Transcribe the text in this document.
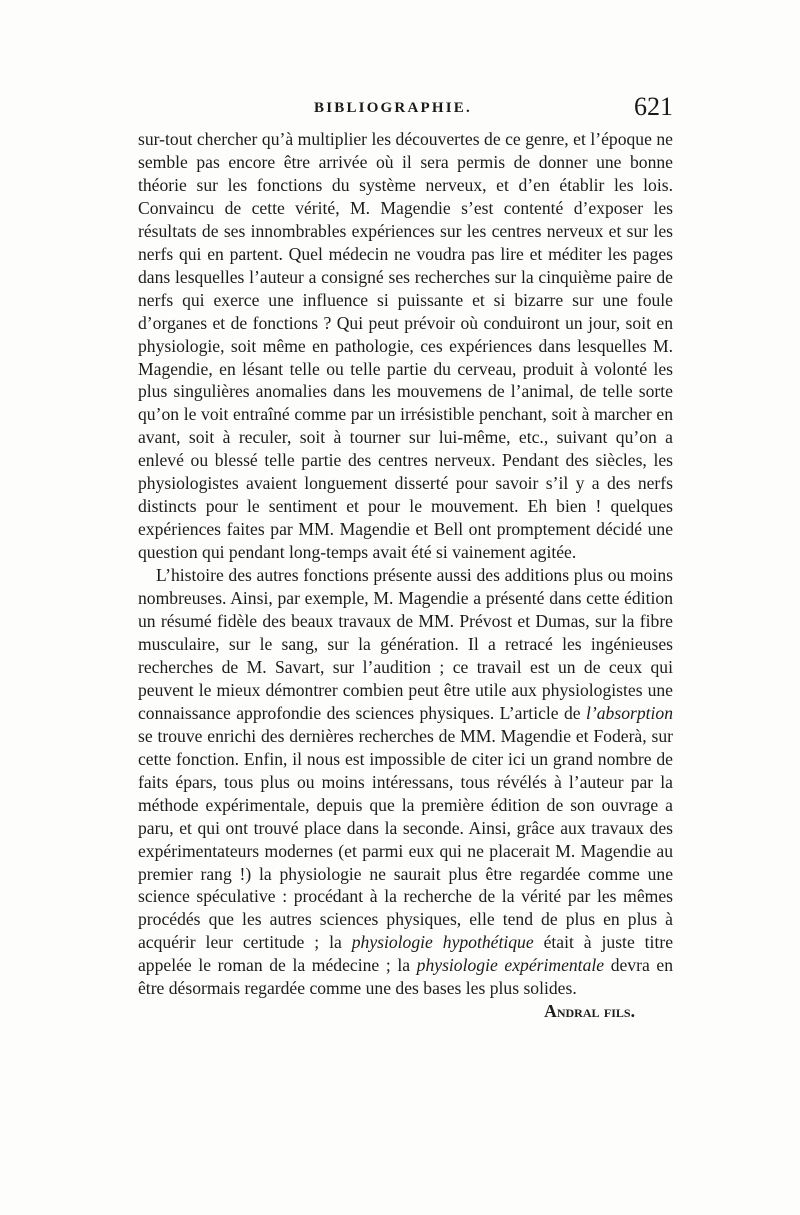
BIBLIOGRAPHIE.	621

sur-tout chercher qu’à multiplier les découvertes de ce genre, et l’époque ne semble pas encore être arrivée où il sera permis de donner une bonne théorie sur les fonctions du système nerveux, et d’en établir les lois. Convaincu de cette vérité, M. Magendie s’est contenté d’exposer les résultats de ses innombrables expériences sur les centres nerveux et sur les nerfs qui en partent. Quel médecin ne voudra pas lire et méditer les pages dans lesquelles l’auteur a consigné ses recherches sur la cinquième paire de nerfs qui exerce une influence si puissante et si bizarre sur une foule d’organes et de fonctions ? Qui peut prévoir où conduiront un jour, soit en physiologie, soit même en pathologie, ces expériences dans lesquelles M. Magendie, en lésant telle ou telle partie du cerveau, produit à volonté les plus singulières anomalies dans les mouvemens de l’animal, de telle sorte qu’on le voit entraîné comme par un irrésistible penchant, soit à marcher en avant, soit à reculer, soit à tourner sur lui-même, etc., suivant qu’on a enlevé ou blessé telle partie des centres nerveux. Pendant des siècles, les physiologistes avaient longuement disserté pour savoir s’il y a des nerfs distincts pour le sentiment et pour le mouvement. Eh bien ! quelques expériences faites par MM. Magendie et Bell ont promptement décidé une question qui pendant long-temps avait été si vainement agitée.

L’histoire des autres fonctions présente aussi des additions plus ou moins nombreuses. Ainsi, par exemple, M. Magendie a présenté dans cette édition un résumé fidèle des beaux travaux de MM. Prévost et Dumas, sur la fibre musculaire, sur le sang, sur la génération. Il a retracé les ingénieuses recherches de M. Savart, sur l’audition ; ce travail est un de ceux qui peuvent le mieux démontrer combien peut être utile aux physiologistes une connaissance approfondie des sciences physiques. L’article de l’absorption se trouve enrichi des dernières recherches de MM. Magendie et Foderà, sur cette fonction. Enfin, il nous est impossible de citer ici un grand nombre de faits épars, tous plus ou moins intéressans, tous révélés à l’auteur par la méthode expérimentale, depuis que la première édition de son ouvrage a paru, et qui ont trouvé place dans la seconde. Ainsi, grâce aux travaux des expérimentateurs modernes (et parmi eux qui ne placerait M. Magendie au premier rang !) la physiologie ne saurait plus être regardée comme une science spéculative : procédant à la recherche de la vérité par les mêmes procédés que les autres sciences physiques, elle tend de plus en plus à acquérir leur certitude ; la physiologie hypothétique était à juste titre appelée le roman de la médecine ; la physiologie expérimentale devra en être désormais regardée comme une des bases les plus solides.
Andral fils.
